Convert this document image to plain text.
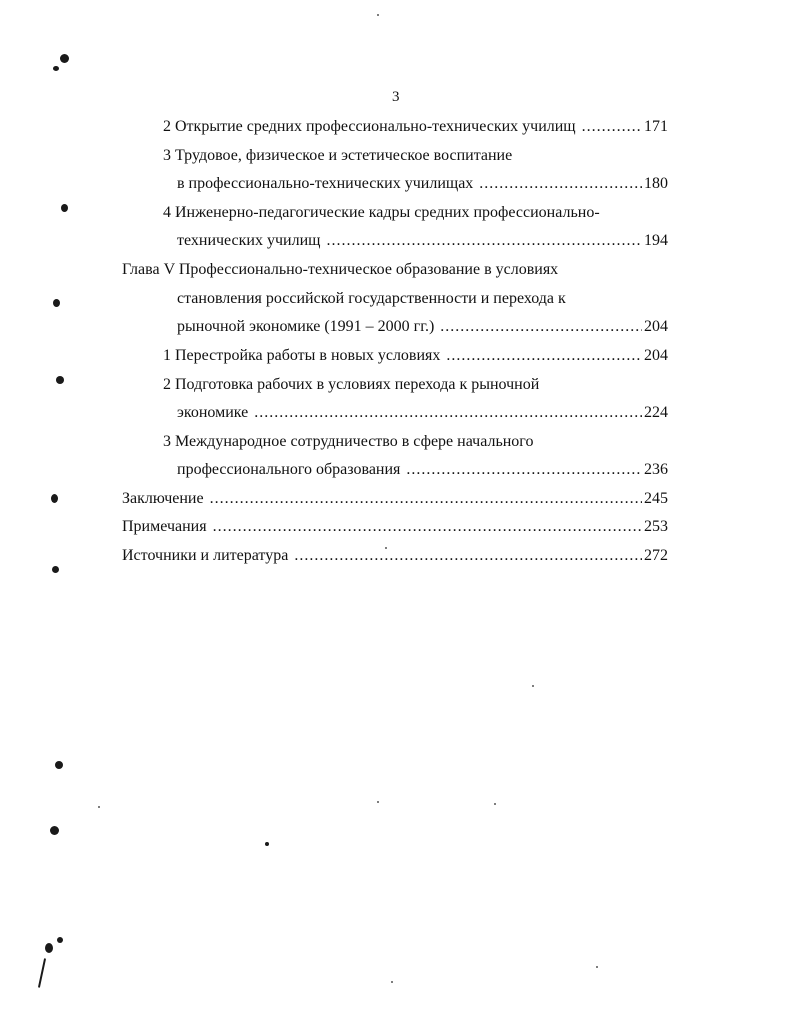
3
2 Открытие средних профессионально-технических училищ .....	171
3 Трудовое, физическое и эстетическое воспитание
в профессионально-технических училищах .....	180
4 Инженерно-педагогические кадры средних профессионально-
технических училищ .....	194
Глава V Профессионально-техническое образование в условиях
становления российской государственности и перехода к
рыночной экономике (1991 – 2000 гг.) .....	204
1 Перестройка работы в новых условиях .....	204
2 Подготовка рабочих в условиях перехода к рыночной
экономике .....	224
3 Международное сотрудничество в сфере начального
профессионального образования .....	236
Заключение .....	245
Примечания .....	253
Источники и литература .....	272
